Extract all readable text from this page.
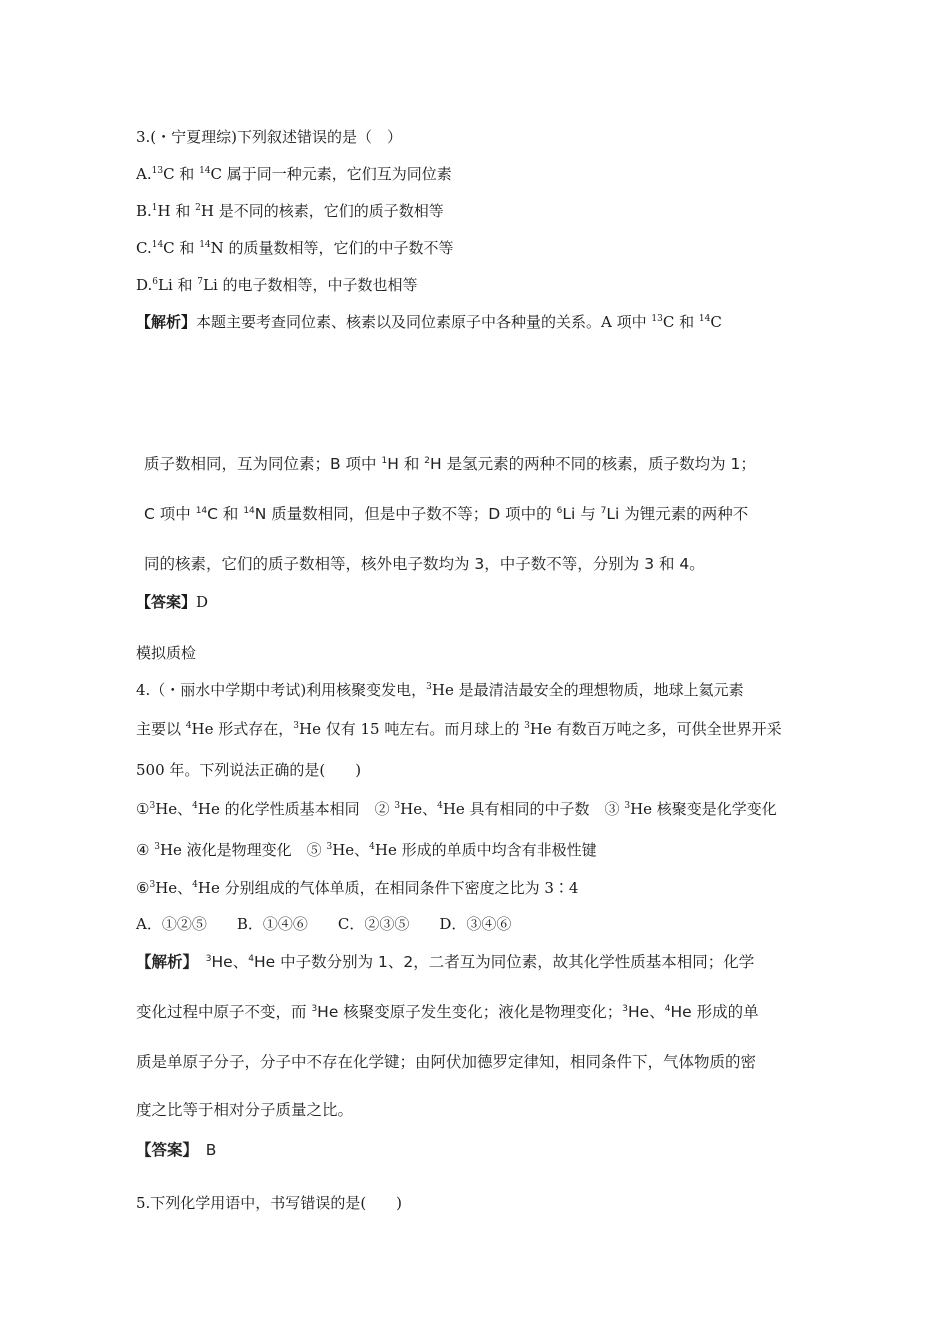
3.(・宁夏理综)下列叙述错误的是（　）
A.$^{13}$C 和 $^{14}$C 属于同一种元素，它们互为同位素
B.$^1$H 和 $^2$H 是不同的核素，它们的质子数相等
C.$^{14}$C 和 $^{14}$N 的质量数相等，它们的中子数不等
D.$^6$Li 和 $^7$Li 的电子数相等，中子数也相等
【解析】本题主要考查同位素、核素以及同位素原子中各种量的关系。A 项中 $^{13}$C 和 $^{14}$C
质子数相同，互为同位素；B 项中 $^1$H 和 $^2$H 是氢元素的两种不同的核素，质子数均为 1；
C 项中 $^{14}$C 和 $^{14}$N 质量数相同，但是中子数不等；D 项中的 $^6$Li 与 $^7$Li 为锂元素的两种不
同的核素，它们的质子数相等，核外电子数均为 3，中子数不等，分别为 3 和 4。
【答案】D
模拟质检
4.（・丽水中学期中考试)利用核聚变发电，$^3$He 是最清洁最安全的理想物质，地球上氦元素
主要以 $^4$He 形式存在，$^3$He 仅有 15 吨左右。而月球上的 $^3$He 有数百万吨之多，可供全世界开采
500 年。下列说法正确的是(　　)
①$^3$He、$^4$He 的化学性质基本相同　② $^3$He、$^4$He 具有相同的中子数　③ $^3$He 核聚变是化学变化
④ $^3$He 液化是物理变化　⑤ $^3$He、$^4$He 形成的单质中均含有非极性键
⑥$^3$He、$^4$He 分别组成的气体单质，在相同条件下密度之比为 3∶4
A．①②⑤　　B．①④⑥　　C．②③⑤　　D．③④⑥
【解析】　 $^3$He、$^4$He 中子数分别为 1、2，二者互为同位素，故其化学性质基本相同；化学
变化过程中原子不变，而 $^3$He 核聚变原子发生变化；液化是物理变化；$^3$He、$^4$He 形成的单
质是单原子分子，分子中不存在化学键；由阿伏加德罗定律知，相同条件下，气体物质的密
度之比等于相对分子质量之比。
【答案】　B
5.下列化学用语中，书写错误的是(　　)
